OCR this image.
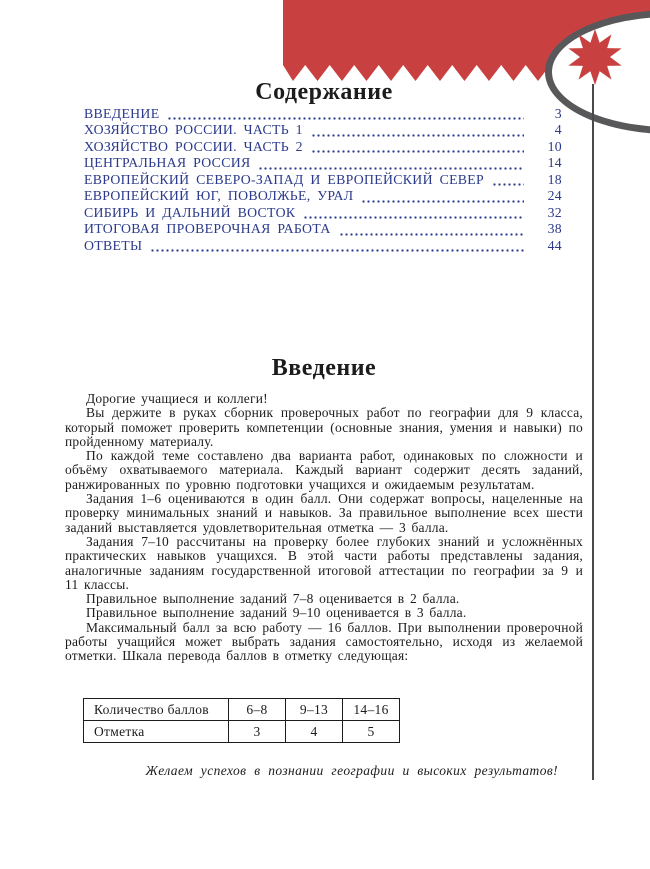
Содержание
ВВЕДЕНИЕ	3
ХОЗЯЙСТВО РОССИИ. ЧАСТЬ 1	4
ХОЗЯЙСТВО РОССИИ. ЧАСТЬ 2	10
ЦЕНТРАЛЬНАЯ РОССИЯ	14
ЕВРОПЕЙСКИЙ СЕВЕРО-ЗАПАД И ЕВРОПЕЙСКИЙ СЕВЕР	18
ЕВРОПЕЙСКИЙ ЮГ, ПОВОЛЖЬЕ, УРАЛ	24
СИБИРЬ И ДАЛЬНИЙ ВОСТОК	32
ИТОГОВАЯ ПРОВЕРОЧНАЯ РАБОТА	38
ОТВЕТЫ	44
Введение

Дорогие учащиеся и коллеги!

Вы держите в руках сборник проверочных работ по географии для 9 класса, который поможет проверить компетенции (основные знания, умения и навыки) по пройденному материалу.

По каждой теме составлено два варианта работ, одинаковых по сложности и объёму охватываемого материала. Каждый вариант содержит десять заданий, ранжированных по уровню подготовки учащихся и ожидаемым результатам.

Задания 1–6 оцениваются в один балл. Они содержат вопросы, нацеленные на проверку минимальных знаний и навыков. За правильное выполнение всех шести заданий выставляется удовлетворительная отметка — 3 балла.

Задания 7–10 рассчитаны на проверку более глубоких знаний и усложнённых практических навыков учащихся. В этой части работы представлены задания, аналогичные заданиям государственной итоговой аттестации по географии за 9 и 11 классы.

Правильное выполнение заданий 7–8 оценивается в 2 балла.

Правильное выполнение заданий 9–10 оценивается в 3 балла.

Максимальный балл за всю работу — 16 баллов. При выполнении проверочной работы учащийся может выбрать задания самостоятельно, исходя из желаемой отметки. Шкала перевода баллов в отметку следующая:

Количество баллов	6–8	9–13	14–16
Отметка	3	4	5
Желаем успехов в познании географии и высоких результатов!
